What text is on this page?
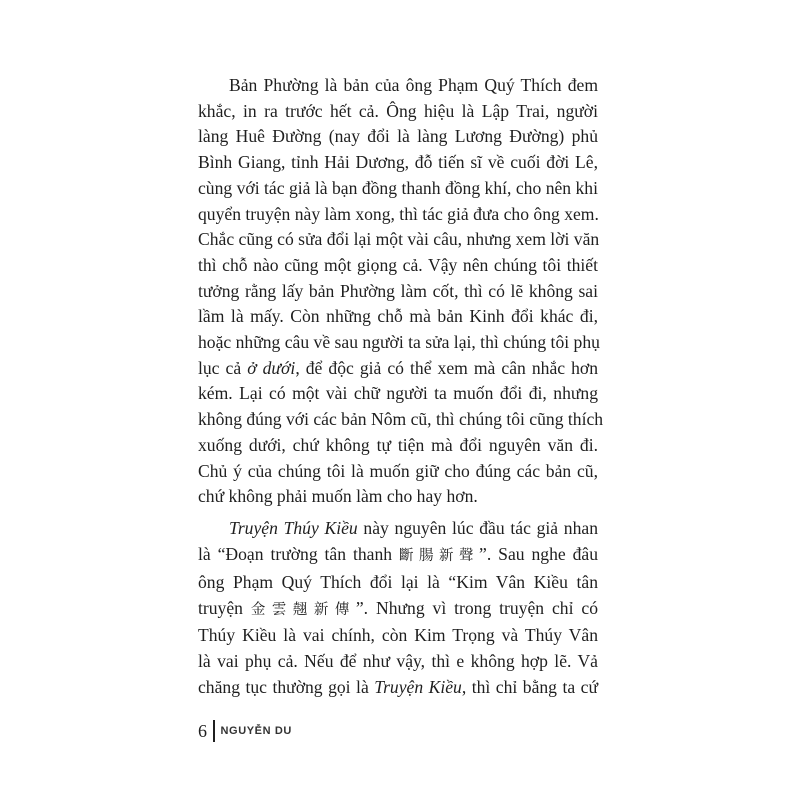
Bản Phường là bản của ông Phạm Quý Thích đem
khắc, in ra trước hết cả. Ông hiệu là Lập Trai, người
làng Huê Đường (nay đổi là làng Lương Đường) phủ
Bình Giang, tỉnh Hải Dương, đỗ tiến sĩ về cuối đời Lê,
cùng với tác giả là bạn đồng thanh đồng khí, cho nên khi
quyển truyện này làm xong, thì tác giả đưa cho ông xem.
Chắc cũng có sửa đổi lại một vài câu, nhưng xem lời văn
thì chỗ nào cũng một giọng cả. Vậy nên chúng tôi thiết
tưởng rằng lấy bản Phường làm cốt, thì có lẽ không sai
lầm là mấy. Còn những chỗ mà bản Kinh đổi khác đi,
hoặc những câu về sau người ta sửa lại, thì chúng tôi phụ
lục cả ở dưới, để độc giả có thể xem mà cân nhắc hơn
kém. Lại có một vài chữ người ta muốn đổi đi, nhưng
không đúng với các bản Nôm cũ, thì chúng tôi cũng thích
xuống dưới, chứ không tự tiện mà đổi nguyên văn đi.
Chủ ý của chúng tôi là muốn giữ cho đúng các bản cũ,
chứ không phải muốn làm cho hay hơn.

Truyện Thúy Kiều này nguyên lúc đầu tác giả nhan
là “Đoạn trường tân thanh 斷腸新聲”. Sau nghe đâu
ông Phạm Quý Thích đổi lại là “Kim Vân Kiều tân
truyện 金雲翹新傳”. Nhưng vì trong truyện chỉ có
Thúy Kiều là vai chính, còn Kim Trọng và Thúy Vân
là vai phụ cả. Nếu để như vậy, thì e không hợp lẽ. Vả
chăng tục thường gọi là Truyện Kiều, thì chỉ bằng ta cứ

6 NGUYỄN DU
